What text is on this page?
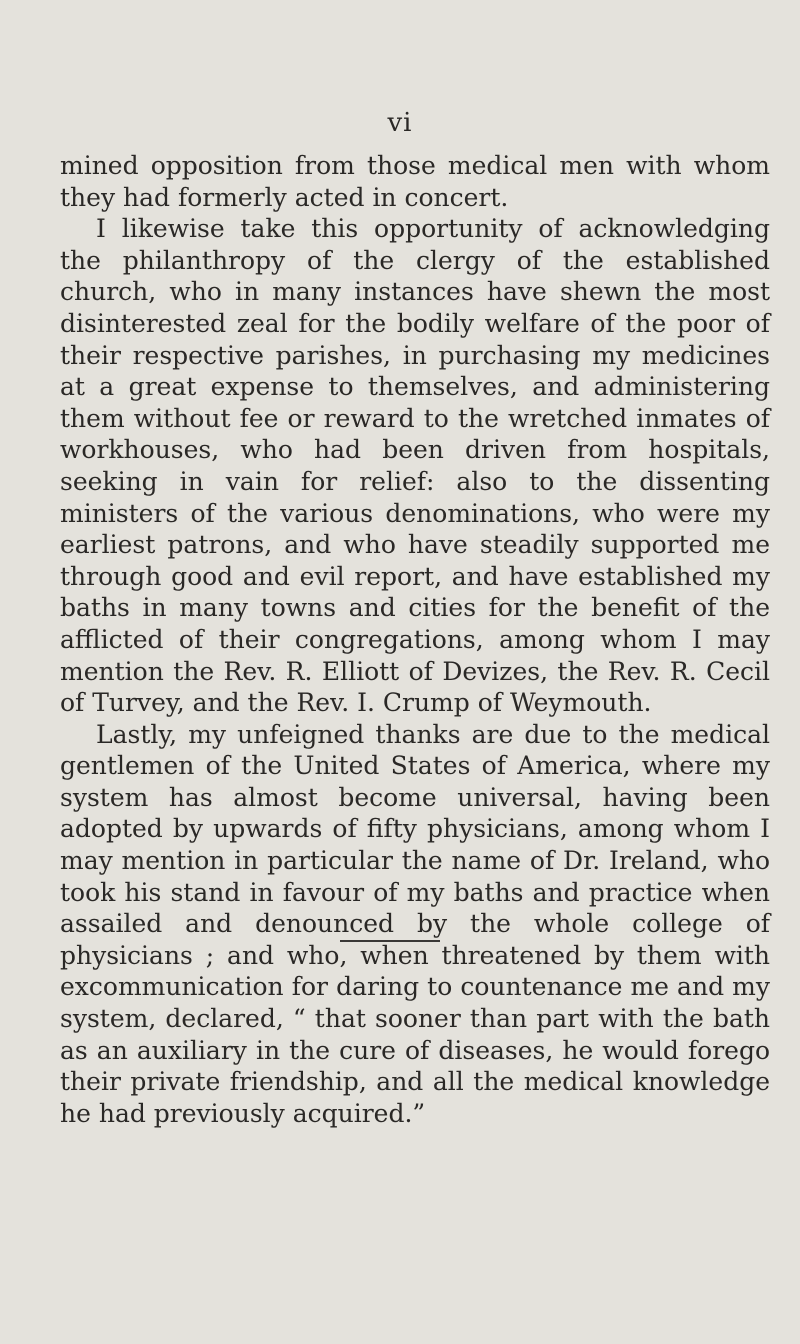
vi

mined opposition from those medical men with whom they had formerly acted in concert.

I likewise take this opportunity of acknowledging the philanthropy of the clergy of the established church, who in many instances have shewn the most disinterested zeal for the bodily welfare of the poor of their respective parishes, in purchasing my medicines at a great expense to themselves, and administering them without fee or reward to the wretched inmates of workhouses, who had been driven from hospitals, seeking in vain for relief: also to the dissenting ministers of the various denominations, who were my earliest patrons, and who have steadily supported me through good and evil report, and have established my baths in many towns and cities for the benefit of the afflicted of their congregations, among whom I may mention the Rev. R. Elliott of Devizes, the Rev. R. Cecil of Turvey, and the Rev. I. Crump of Weymouth.

Lastly, my unfeigned thanks are due to the medical gentlemen of the United States of America, where my system has almost become universal, having been adopted by upwards of fifty physicians, among whom I may mention in particular the name of Dr. Ireland, who took his stand in favour of my baths and practice when assailed and denounced by the whole college of physicians ; and who, when threatened by them with excommunication for daring to countenance me and my system, declared, “ that sooner than part with the bath as an auxiliary in the cure of diseases, he would forego their private friendship, and all the medical knowledge he had previously acquired.”
